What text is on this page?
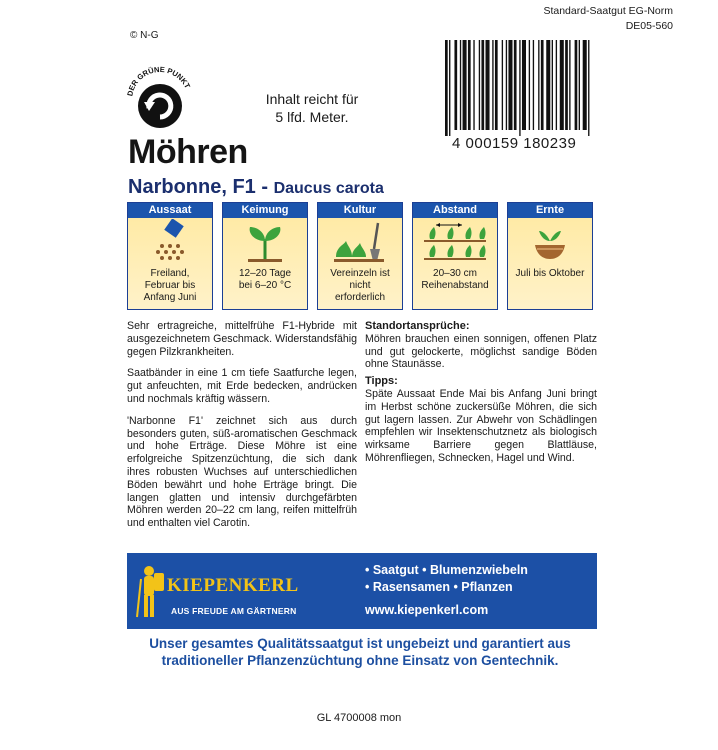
© N-G
Standard-Saatgut EG-Norm
DE05-560
DER GRÜNE PUNKT
Inhalt reicht für
5 lfd. Meter.
4 000159 180239
Möhren
Narbonne, F1 - Daucus carota
Aussaat
Freiland,
Februar bis
Anfang Juni
Keimung
12–20 Tage
bei 6–20 °C
Kultur
Vereinzeln ist
nicht
erforderlich
Abstand
20–30 cm
Reihenabstand
Ernte
Juli bis Oktober

Sehr ertragreiche, mittelfrühe F1-Hybride mit ausgezeichnetem Geschmack. Widerstandsfähig gegen Pilzkrankheiten.

Saatbänder in eine 1 cm tiefe Saatfurche legen, gut anfeuchten, mit Erde bedecken, andrücken und nochmals kräftig wässern.

'Narbonne F1' zeichnet sich aus durch besonders guten, süß-aromatischen Geschmack und hohe Erträge. Diese Möhre ist eine erfolgreiche Spitzenzüchtung, die sich dank ihres robusten Wuchses auf unterschiedlichen Böden bewährt und hohe Erträge bringt. Die langen glatten und intensiv durchgefärbten Möhren werden 20–22 cm lang, reifen mittelfrüh und enthalten viel Carotin.

Standortansprüche:

Möhren brauchen einen sonnigen, offenen Platz und gut gelockerte, möglichst sandige Böden ohne Staunässe.

Tipps:

Späte Aussaat Ende Mai bis Anfang Juni bringt im Herbst schöne zuckersüße Möhren, die sich gut lagern lassen. Zur Abwehr von Schädlingen empfehlen wir Insektenschutznetz als biologisch wirksame Barriere gegen Blattläuse, Möhrenfliegen, Schnecken, Hagel und Wind.

KIEPENKERL
AUS FREUDE AM GÄRTNERN
• Saatgut • Blumenzwiebeln
• Rasensamen • Pflanzen
www.kiepenkerl.com
Unser gesamtes Qualitätssaatgut ist ungebeizt und garantiert aus
traditioneller Pflanzenzüchtung ohne Einsatz von Gentechnik.
GL 4700008 mon
